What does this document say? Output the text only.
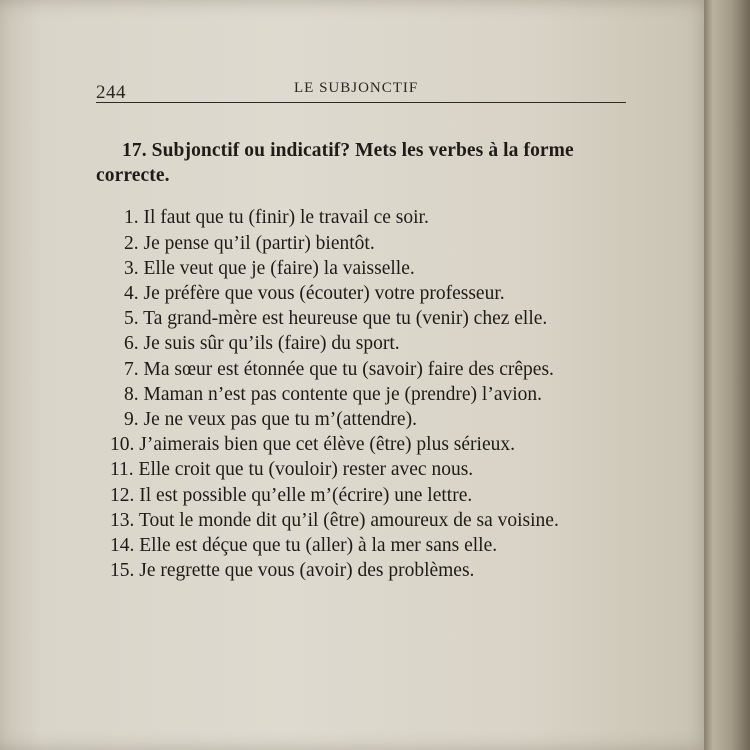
244	LE SUBJONCTIF

17. Subjonctif ou indicatif? Mets les verbes à la forme correcte.

1. Il faut que tu (finir) le travail ce soir.
2. Je pense qu’il (partir) bientôt.
3. Elle veut que je (faire) la vaisselle.
4. Je préfère que vous (écouter) votre professeur.
5. Ta grand-mère est heureuse que tu (venir) chez elle.
6. Je suis sûr qu’ils (faire) du sport.
7. Ma sœur est étonnée que tu (savoir) faire des crêpes.
8. Maman n’est pas contente que je (prendre) l’avion.
9. Je ne veux pas que tu m’(attendre).
10. J’aimerais bien que cet élève (être) plus sérieux.
11. Elle croit que tu (vouloir) rester avec nous.
12. Il est possible qu’elle m’(écrire) une lettre.
13. Tout le monde dit qu’il (être) amoureux de sa voisine.
14. Elle est déçue que tu (aller) à la mer sans elle.
15. Je regrette que vous (avoir) des problèmes.
